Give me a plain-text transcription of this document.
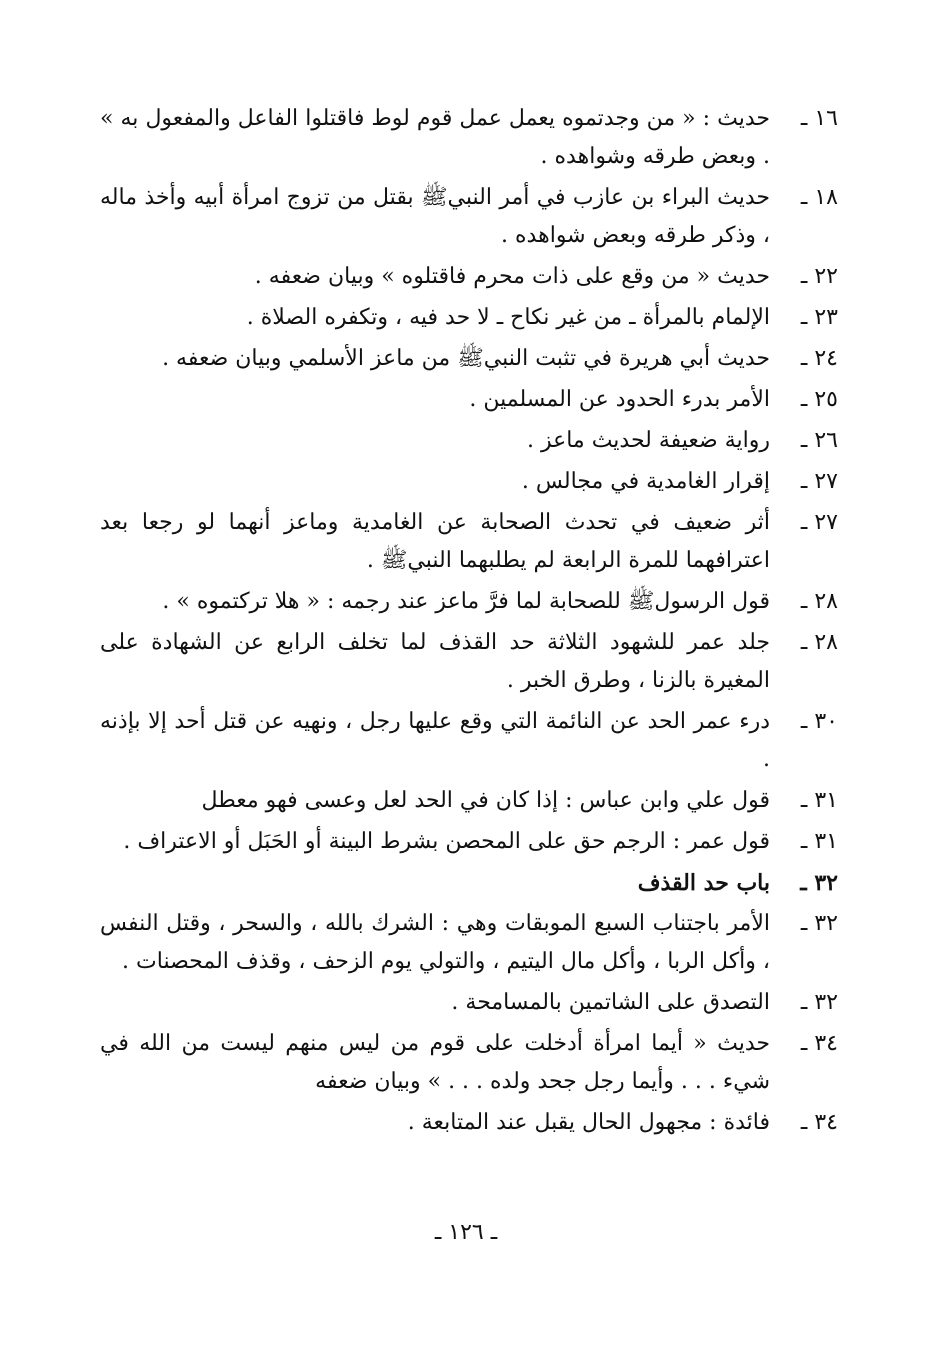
١٦ ـ
حديث : « من وجدتموه يعمل عمل قوم لوط فاقتلوا الفاعل والمفعول به » . وبعض طرقه وشواهده .
١٨ ـ
حديث البراء بن عازب في أمر النبيﷺ بقتل من تزوج امرأة أبيه وأخذ ماله ، وذكر طرقه وبعض شواهده .
٢٢ ـ
حديث « من وقع على ذات محرم فاقتلوه » وبيان ضعفه .
٢٣ ـ
الإلمام بالمرأة ـ من غير نكاح ـ لا حد فيه ، وتكفره الصلاة .
٢٤ ـ
حديث أبي هريرة في تثبت النبيﷺ من ماعز الأسلمي وبيان ضعفه .
٢٥ ـ
الأمر بدرء الحدود عن المسلمين .
٢٦ ـ
رواية ضعيفة لحديث ماعز .
٢٧ ـ
إقرار الغامدية في مجالس .
٢٧ ـ
أثر ضعيف في تحدث الصحابة عن الغامدية وماعز أنهما لو رجعا بعد اعترافهما للمرة الرابعة لم يطلبهما النبيﷺ .
٢٨ ـ
قول الرسولﷺ للصحابة لما فرَّ ماعز عند رجمه : « هلا تركتموه » .
٢٨ ـ
جلد عمر للشهود الثلاثة حد القذف لما تخلف الرابع عن الشهادة على المغيرة بالزنا ، وطرق الخبر .
٣٠ ـ
درء عمر الحد عن النائمة التي وقع عليها رجل ، ونهيه عن قتل أحد إلا بإذنه .
٣١ ـ
قول علي وابن عباس : إذا كان في الحد لعل وعسى فهو معطل
٣١ ـ
قول عمر : الرجم حق على المحصن بشرط البينة أو الحَبَل أو الاعتراف .
٣٢ ـ
باب حد القذف
٣٢ ـ
الأمر باجتناب السبع الموبقات وهي : الشرك بالله ، والسحر ، وقتل النفس ، وأكل الربا ، وأكل مال اليتيم ، والتولي يوم الزحف ، وقذف المحصنات .
٣٢ ـ
التصدق على الشاتمين بالمسامحة .
٣٤ ـ
حديث « أيما امرأة أدخلت على قوم من ليس منهم ليست من الله في شيء . . . وأيما رجل جحد ولده . . . » وبيان ضعفه
٣٤ ـ
فائدة : مجهول الحال يقبل عند المتابعة .
ـ ١٢٦ ـ
